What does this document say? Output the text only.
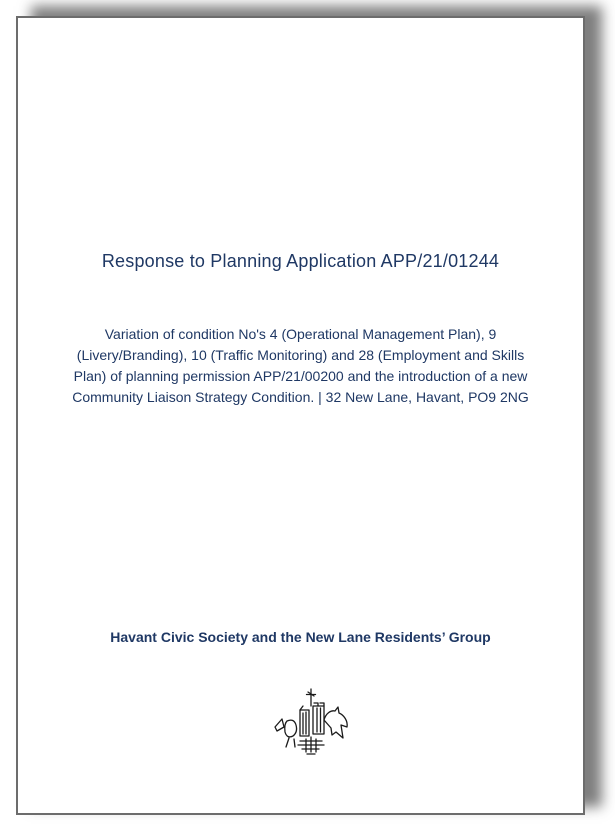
Response to Planning Application APP/21/01244
Variation of condition No's 4 (Operational Management Plan), 9
(Livery/Branding), 10 (Traffic Monitoring) and 28 (Employment and Skills
Plan) of planning permission APP/21/00200 and the introduction of a new
Community Liaison Strategy Condition. | 32 New Lane, Havant, PO9 2NG
Havant Civic Society and the New Lane Residents’ Group
